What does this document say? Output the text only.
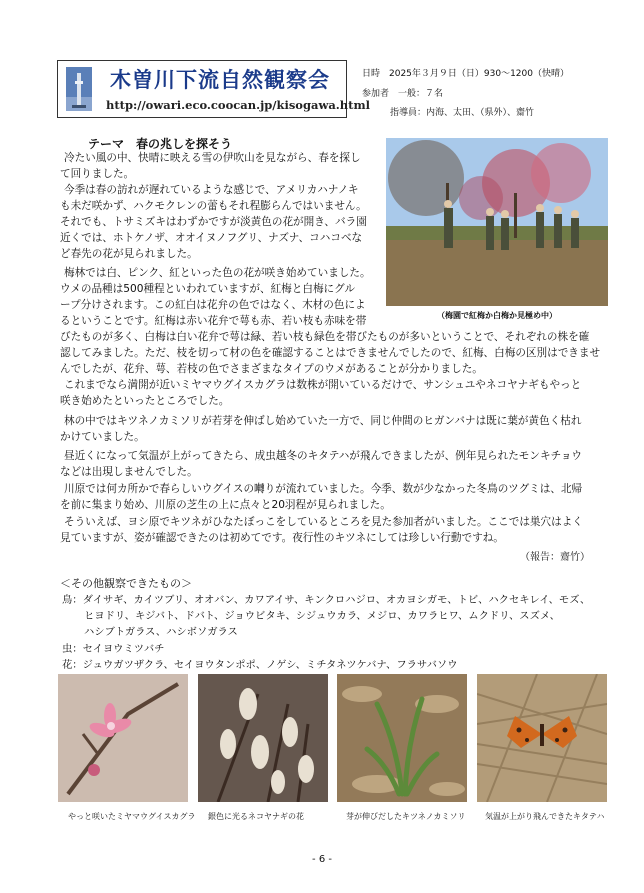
木曽川下流自然観察会
http://owari.eco.coocan.jp/kisogawa.html
日時　2025年３月９日（日）930～1200（快晴）
参加者　一般：７名
指導員：内海、太田、（県外）、齋竹
テーマ　春の兆しを探そう
（梅園で紅梅か白梅か見極め中）
冷たい風の中、快晴に映える雪の伊吹山を見ながら、春を探し
て回りました。
今季は春の訪れが遅れているような感じで、アメリカハナノキ
も未だ咲かず、ハクモクレンの蕾もそれ程膨らんではいません。
それでも、トサミズキはわずかですが淡黄色の花が開き、バラ園
近くでは、ホトケノザ、オオイヌノフグリ、ナズナ、コハコベな
ど春先の花が見られました。
梅林では白、ピンク、紅といった色の花が咲き始めていました。
ウメの品種は500種程といわれていますが、紅梅と白梅にグル
ープ分けされます。この紅白は花弁の色ではなく、木材の色によ
るということです。紅梅は赤い花弁で萼も赤、若い枝も赤味を帯
びたものが多く、白梅は白い花弁で萼は緑、若い枝も緑色を帯びたものが多いということで、それぞれの株を確
認してみました。ただ、枝を切って材の色を確認することはできませんでしたので、紅梅、白梅の区別はできませ
んでしたが、花弁、萼、若枝の色でさまざまなタイプのウメがあることが分かりました。
これまでなら満開が近いミヤマウグイスカグラは数株が開いているだけで、サンシュユやネコヤナギもやっと
咲き始めたといったところでした。
林の中ではキツネノカミソリが若芽を伸ばし始めていた一方で、同じ仲間のヒガンバナは既に葉が黄色く枯れ
かけていました。
昼近くになって気温が上がってきたら、成虫越冬のキタテハが飛んできましたが、例年見られたモンキチョウ
などは出現しませんでした。
川原では何カ所かで春らしいウグイスの囀りが流れていました。今季、数が少なかった冬鳥のツグミは、北帰
を前に集まり始め、川原の芝生の上に点々と20羽程が見られました。
そういえば、ヨシ原でキツネがひなたぼっこをしているところを見た参加者がいました。ここでは巣穴はよく
見ていますが、姿が確認できたのは初めてです。夜行性のキツネにしては珍しい行動ですね。
（報告：齋竹）
＜その他観察できたもの＞
鳥：ダイサギ、カイツブリ、オオバン、カワアイサ、キンクロハジロ、オカヨシガモ、トビ、ハクセキレイ、モズ、
ヒヨドリ、キジバト、ドバト、ジョウビタキ、シジュウカラ、メジロ、カワラヒワ、ムクドリ、スズメ、
ハシブトガラス、ハシボソガラス
虫：セイヨウミツバチ
花：ジュウガツザクラ、セイヨウタンポポ、ノゲシ、ミチタネツケバナ、フラサバソウ
やっと咲いたミヤマウグイスカグラ 銀色に光るネコヤナギの花	芽が伸びだしたキツネノカミソリ 気温が上がり飛んできたキタテハ
- 6 -
